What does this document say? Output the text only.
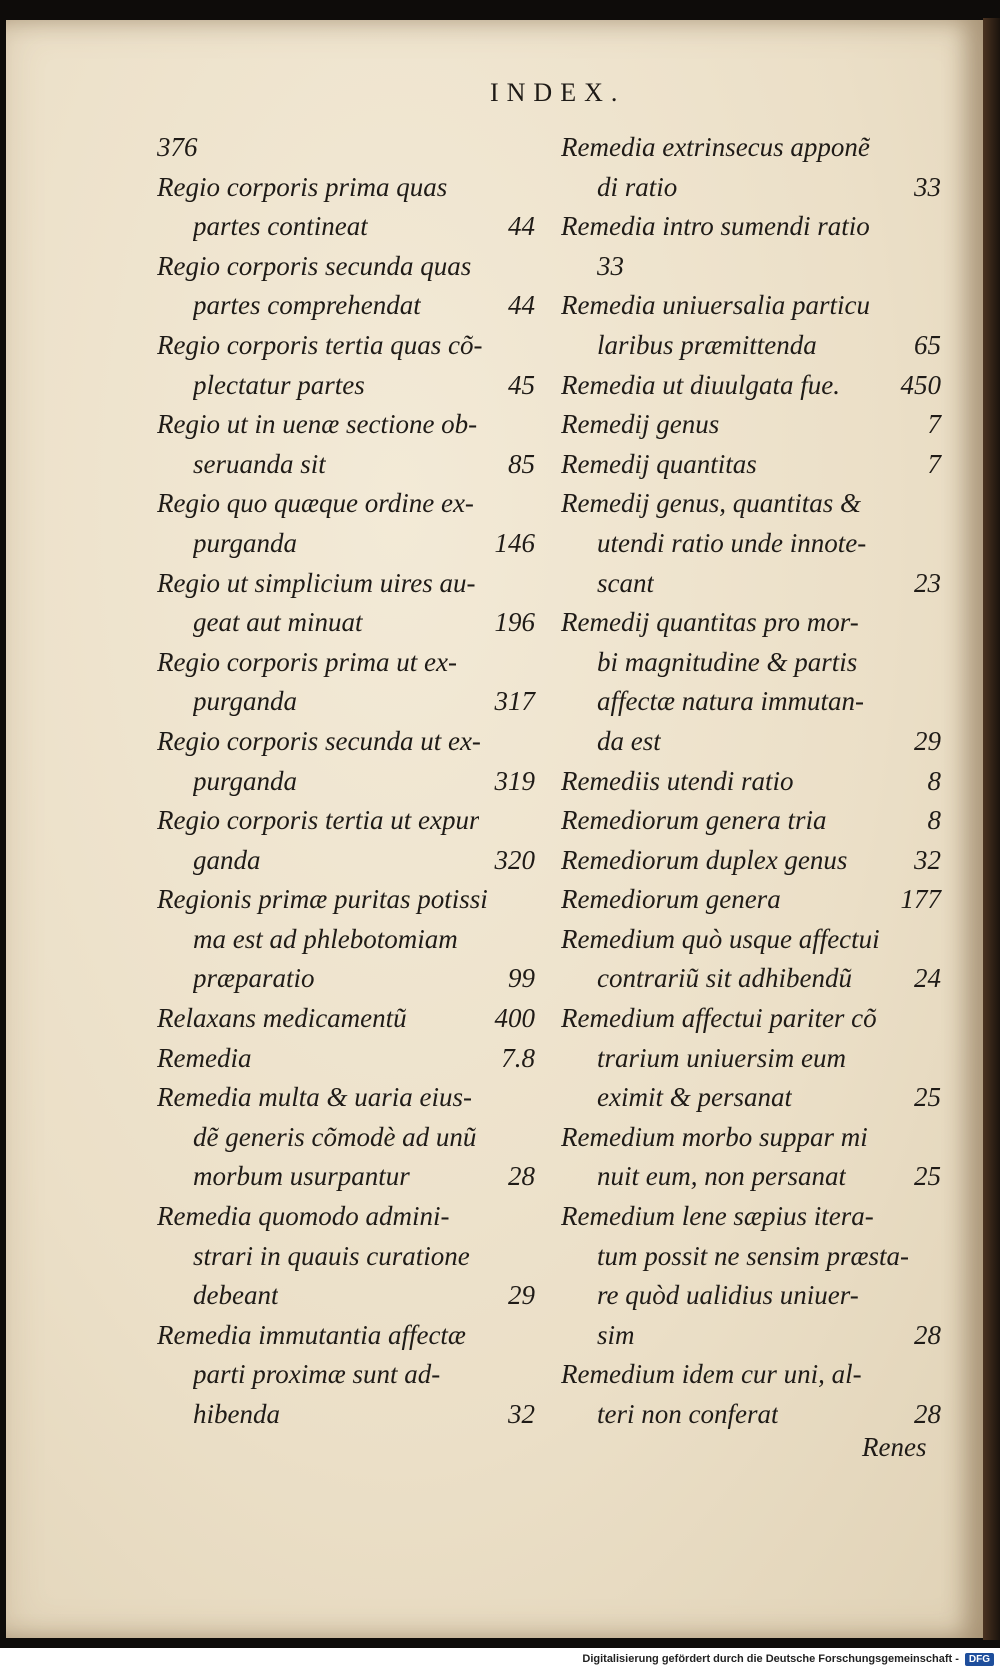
INDEX.
376
Regio corporis prima quas
partes contineat	44
Regio corporis secunda quas
partes comprehendat	44
Regio corporis tertia quas cõ-
plectatur partes	45
Regio ut in uenæ sectione ob-
seruanda sit	85
Regio quo quæque ordine ex-
purganda	146
Regio ut simplicium uires au-
geat aut minuat	196
Regio corporis prima ut ex-
purganda	317
Regio corporis secunda ut ex-
purganda	319
Regio corporis tertia ut expur
ganda	320
Regionis primæ puritas potissi
ma est ad phlebotomiam
præparatio	99
Relaxans medicamentũ	400
Remedia	7.8
Remedia multa & uaria eius-
dẽ generis cõmodè ad unũ
morbum usurpantur	28
Remedia quomodo admini-
strari in quauis curatione
debeant	29
Remedia immutantia affectæ
parti proximæ sunt ad-
hibenda	32
Remedia extrinsecus apponẽ
di ratio	33
Remedia intro sumendi ratio
33
Remedia uniuersalia particu
laribus præmittenda	65
Remedia ut diuulgata fue.	450
Remedij genus	7
Remedij quantitas	7
Remedij genus, quantitas &
utendi ratio unde innote-
scant	23
Remedij quantitas pro mor-
bi magnitudine & partis
affectæ natura immutan-
da est	29
Remediis utendi ratio	8
Remediorum genera tria	8
Remediorum duplex genus	32
Remediorum genera	177
Remedium quò usque affectui
contrariũ sit adhibendũ	24
Remedium affectui pariter cõ
trarium uniuersim eum
eximit & persanat	25
Remedium morbo suppar mi
nuit eum, non persanat	25
Remedium lene sæpius itera-
tum possit ne sensim præsta-
re quòd ualidius uniuer-
sim	28
Remedium idem cur uni, al-
teri non conferat	28
Renes
Digitalisierung gefördert durch die Deutsche Forschungsgemeinschaft -	DFG
